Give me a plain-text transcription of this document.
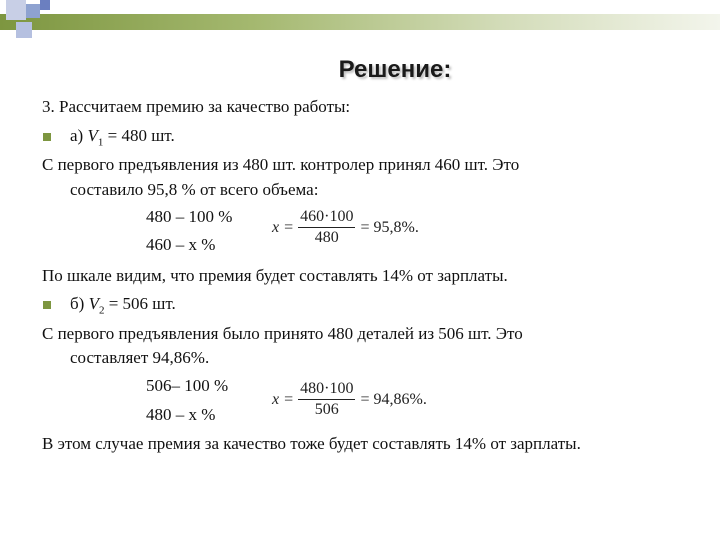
Решение:
3. Рассчитаем премию за качество работы:
а) $V_1 = 480$ шт.
С первого предъявления из 480 шт. контролер принял 460 шт. Это
составило 95,8 % от всего объема:
480 – 100 %
460 – x %
$x = \frac{460\cdot 100}{480} = 95,8\%$.
По шкале видим, что премия будет составлять 14% от зарплаты.
б) $V_2 = 506$ шт.
С первого предъявления было принято 480 деталей из 506 шт. Это
составляет 94,86%.
506– 100 %
480 – x %
$x = \frac{480\cdot 100}{506} = 94,86\%$.
В этом случае премия за качество тоже будет составлять 14% от зарплаты.
